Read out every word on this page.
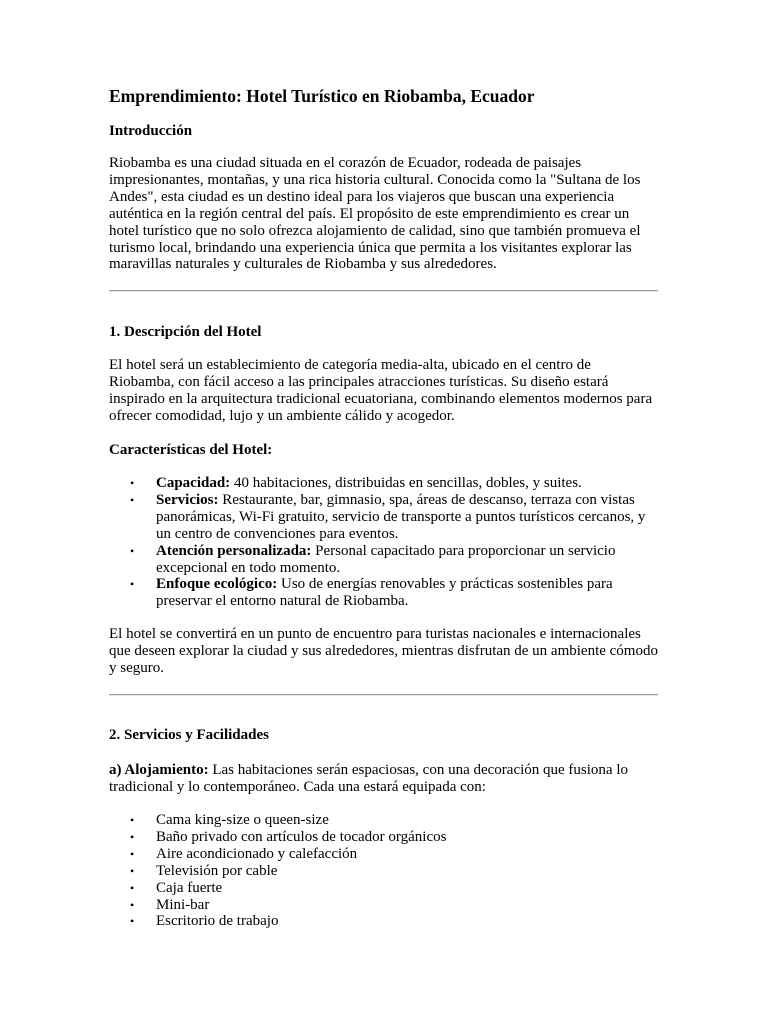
Emprendimiento: Hotel Turístico en Riobamba, Ecuador
Introducción

Riobamba es una ciudad situada en el corazón de Ecuador, rodeada de paisajes impresionantes, montañas, y una rica historia cultural. Conocida como la "Sultana de los Andes", esta ciudad es un destino ideal para los viajeros que buscan una experiencia auténtica en la región central del país. El propósito de este emprendimiento es crear un hotel turístico que no solo ofrezca alojamiento de calidad, sino que también promueva el turismo local, brindando una experiencia única que permita a los visitantes explorar las maravillas naturales y culturales de Riobamba y sus alrededores.

1. Descripción del Hotel

El hotel será un establecimiento de categoría media-alta, ubicado en el centro de Riobamba, con fácil acceso a las principales atracciones turísticas. Su diseño estará inspirado en la arquitectura tradicional ecuatoriana, combinando elementos modernos para ofrecer comodidad, lujo y un ambiente cálido y acogedor.

Características del Hotel:
• Capacidad: 40 habitaciones, distribuidas en sencillas, dobles, y suites.
• Servicios: Restaurante, bar, gimnasio, spa, áreas de descanso, terraza con vistas panorámicas, Wi-Fi gratuito, servicio de transporte a puntos turísticos cercanos, y un centro de convenciones para eventos.
• Atención personalizada: Personal capacitado para proporcionar un servicio excepcional en todo momento.
• Enfoque ecológico: Uso de energías renovables y prácticas sostenibles para preservar el entorno natural de Riobamba.

El hotel se convertirá en un punto de encuentro para turistas nacionales e internacionales que deseen explorar la ciudad y sus alrededores, mientras disfrutan de un ambiente cómodo y seguro.

2. Servicios y Facilidades

a) Alojamiento: Las habitaciones serán espaciosas, con una decoración que fusiona lo tradicional y lo contemporáneo. Cada una estará equipada con:

• Cama king-size o queen-size
• Baño privado con artículos de tocador orgánicos
• Aire acondicionado y calefacción
• Televisión por cable
• Caja fuerte
• Mini-bar
• Escritorio de trabajo
